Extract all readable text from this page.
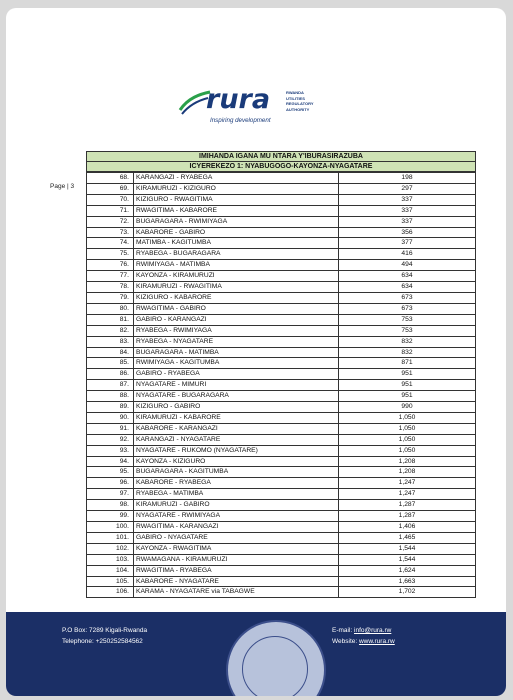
rura	RWANDA
UTILITIES
REGULATORY
AUTHORITY
Inspiring development
Page | 3
IMIHANDA IGANA MU NTARA Y'IBURASIRAZUBA
ICYEREKEZO 1: NYABUGOGO-KAYONZA-NYAGATARE
68.	KARANGAZI - RYABEGA	198
69.	KIRAMURUZI - KIZIGURO	297
70.	KIZIGURO - RWAGITIMA	337
71.	RWAGITIMA - KABARORE	337
72.	BUGARAGARA - RWIMIYAGA	337
73.	KABARORE - GABIRO	356
74.	MATIMBA - KAGITUMBA	377
75.	RYABEGA - BUGARAGARA	416
76.	RWIMIYAGA - MATIMBA	494
77.	KAYONZA - KIRAMURUZI	634
78.	KIRAMURUZI - RWAGITIMA	634
79.	KIZIGURO - KABARORE	673
80.	RWAGITIMA - GABIRO	673
81.	GABIRO - KARANGAZI	753
82.	RYABEGA - RWIMIYAGA	753
83.	RYABEGA - NYAGATARE	832
84.	BUGARAGARA - MATIMBA	832
85.	RWIMIYAGA - KAGITUMBA	871
86.	GABIRO - RYABEGA	951
87.	NYAGATARE - MIMURI	951
88.	NYAGATARE - BUGARAGARA	951
89.	KIZIGURO - GABIRO	990
90.	KIRAMURUZI - KABARORE	1,050
91.	KABARORE - KARANGAZI	1,050
92.	KARANGAZI - NYAGATARE	1,050
93.	NYAGATARE - RUKOMO (NYAGATARE)	1,050
94.	KAYONZA - KIZIGURO	1,208
95.	BUGARAGARA - KAGITUMBA	1,208
96.	KABARORE - RYABEGA	1,247
97.	RYABEGA - MATIMBA	1,247
98.	KIRAMURUZI - GABIRO	1,287
99.	NYAGATARE - RWIMIYAGA	1,287
100.	RWAGITIMA - KARANGAZI	1,406
101.	GABIRO - NYAGATARE	1,465
102.	KAYONZA - RWAGITIMA	1,544
103.	RWAMAGANA - KIRAMURUZI	1,544
104.	RWAGITIMA - RYABEGA	1,624
105.	KABARORE - NYAGATARE	1,663
106.	KARAMA - NYAGATARE via TABAGWE	1,702
P.O Box: 7289 Kigali-Rwanda
Telephone: +250252584562
E-mail: info@rura.rw
Website: www.rura.rw
